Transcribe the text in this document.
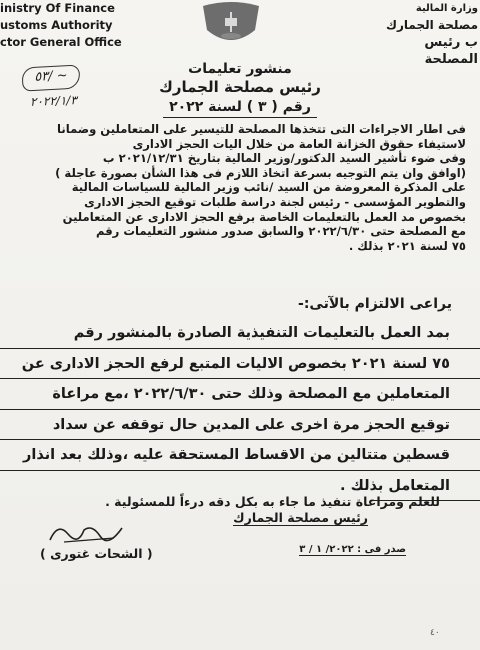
inistry Of Finance
ustoms Authority
ctor General Office
وزارة المالية
مصلحة الجمارك
ب رئيس المصلحة
منشور تعليمات
رئيس مصلحة الجمارك
رقم ( ٣ ) لسنة ٢٠٢٢
٥٣/ ~
٢٠٢٢/١/٣

فى اطار الاجراءات التى تتخذها المصلحة للتيسير على المتعاملين وضمانا

لاستيفاء حقوق الخزانة العامة من خلال اليات الحجز الادارى

وفى ضوء تأشير السيد الدكتور/وزير المالية بتاريخ ٢٠٢١/١٢/٣١ ب

(اوافق وان يتم التوجيه بسرعة اتخاذ اللازم فى هذا الشأن بصورة عاجلة )

على المذكرة المعروضة من السيد /نائب وزير المالية للسياسات المالية

والتطوير المؤسسى - رئيس لجنة دراسة طلبات توقيع الحجز الادارى

بخصوص مد العمل بالتعليمات الخاصة برفع الحجز الادارى عن المتعاملين

مع المصلحة حتى ٢٠٢٢/٦/٣٠ والسابق صدور منشور التعليمات رقم

٧٥ لسنة ٢٠٢١ بذلك .

يراعى الالتزام بالآتى:-

بمد العمل بالتعليمات التنفيذية الصادرة بالمنشور رقم

٧٥ لسنة ٢٠٢١ بخصوص الاليات المتبع لرفع الحجز الادارى عن

المتعاملين مع المصلحة وذلك حتى ٢٠٢٢/٦/٣٠ ،مع مراعاة

توقيع الحجز مرة اخرى على المدين حال توقفه عن سداد

قسطين متتالين من الاقساط المستحقة عليه ،وذلك بعد انذار

المتعامل بذلك .

للعلم ومراعاة تنفيذ ما جاء به بكل دقه درءاً للمسئولية .
رئيس مصلحة الجمارك
( الشحات غتورى )	صدر فى : ٢٠٢٢/ ١ / ٣
٤٠
